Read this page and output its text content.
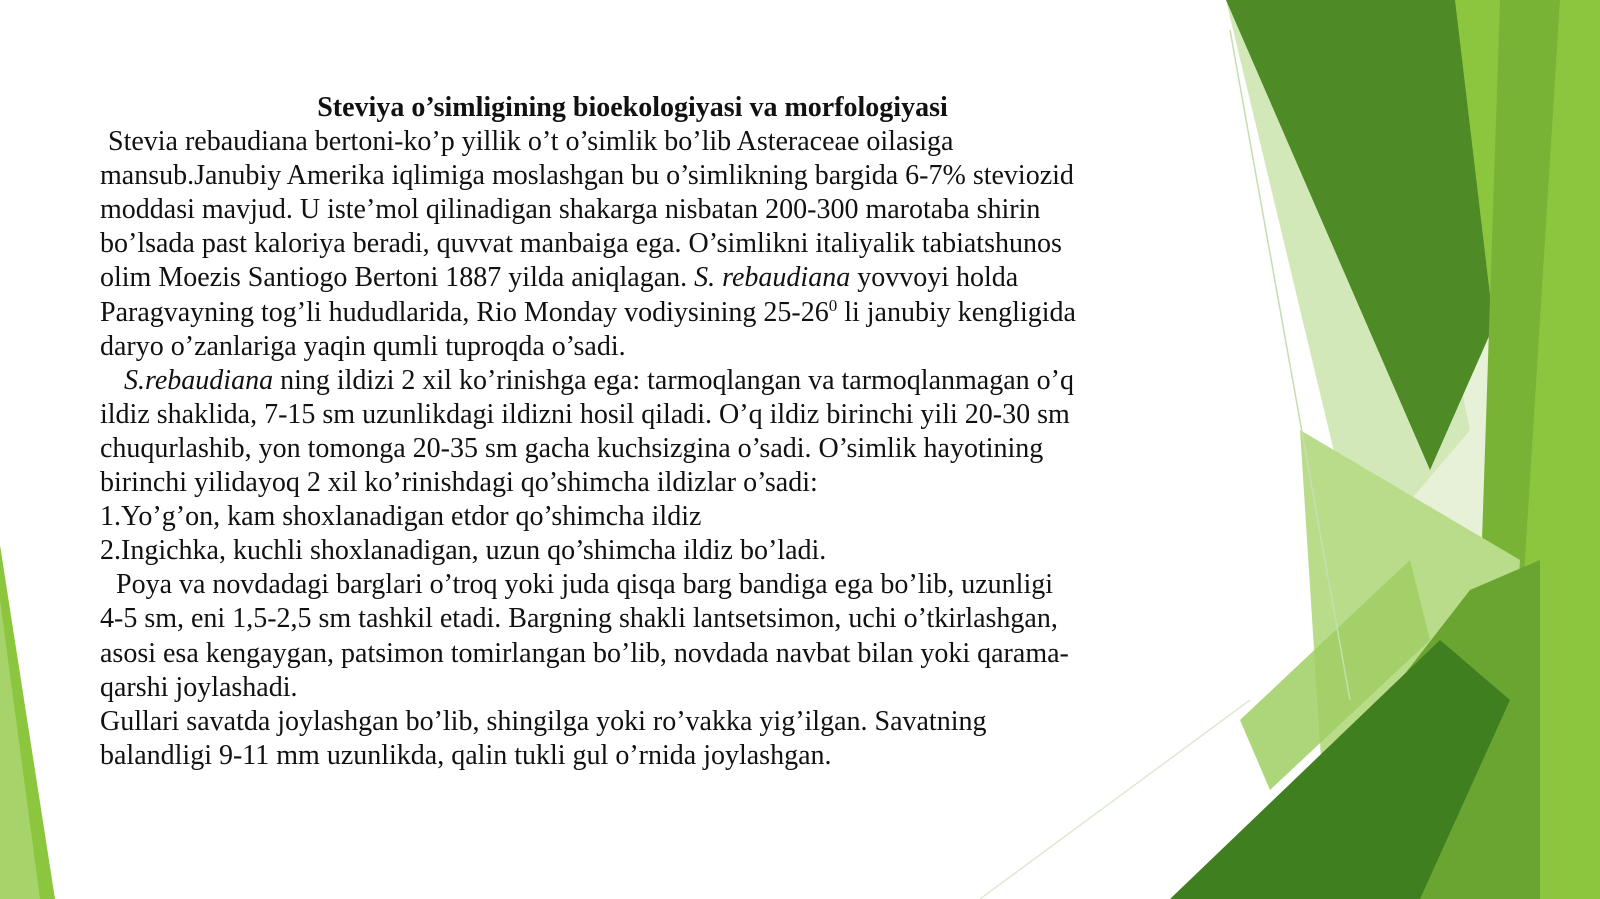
Steviya o’simligining bioekologiyasi va morfologiyasi

Stevia rebaudiana bertoni-ko’p yillik o’t o’simlik bo’lib Asteraceae oilasiga

mansub.Janubiy Amerika iqlimiga moslashgan bu o’simlikning bargida 6-7% steviozid

moddasi mavjud. U iste’mol qilinadigan shakarga nisbatan 200-300 marotaba shirin

bo’lsada past kaloriya beradi, quvvat manbaiga ega. O’simlikni italiyalik tabiatshunos

olim Moezis Santiogo Bertoni 1887 yilda aniqlagan. S. rebaudiana yovvoyi holda

Paragvayning tog’li hududlarida, Rio Monday vodiysining $25-26^0$ li janubiy kengligida

daryo o’zanlariga yaqin qumli tuproqda o’sadi.

S.rebaudiana ning ildizi 2 xil ko’rinishga ega: tarmoqlangan va tarmoqlanmagan o’q

ildiz shaklida, 7-15 sm uzunlikdagi ildizni hosil qiladi. O’q ildiz birinchi yili 20-30 sm

chuqurlashib, yon tomonga 20-35 sm gacha kuchsizgina o’sadi. O’simlik hayotining

birinchi yilidayoq 2 xil ko’rinishdagi qo’shimcha ildizlar o’sadi:

1.Yo’g’on, kam shoxlanadigan etdor qo’shimcha ildiz

2.Ingichka, kuchli shoxlanadigan, uzun qo’shimcha ildiz bo’ladi.

Poya va novdadagi barglari o’troq yoki juda qisqa barg bandiga ega bo’lib, uzunligi

4-5 sm, eni 1,5-2,5 sm tashkil etadi. Bargning shakli lantsetsimon, uchi o’tkirlashgan,

asosi esa kengaygan, patsimon tomirlangan bo’lib, novdada navbat bilan yoki qarama-

qarshi joylashadi.

Gullari savatda joylashgan bo’lib, shingilga yoki ro’vakka yig’ilgan. Savatning

balandligi 9-11 mm uzunlikda, qalin tukli gul o’rnida joylashgan.
